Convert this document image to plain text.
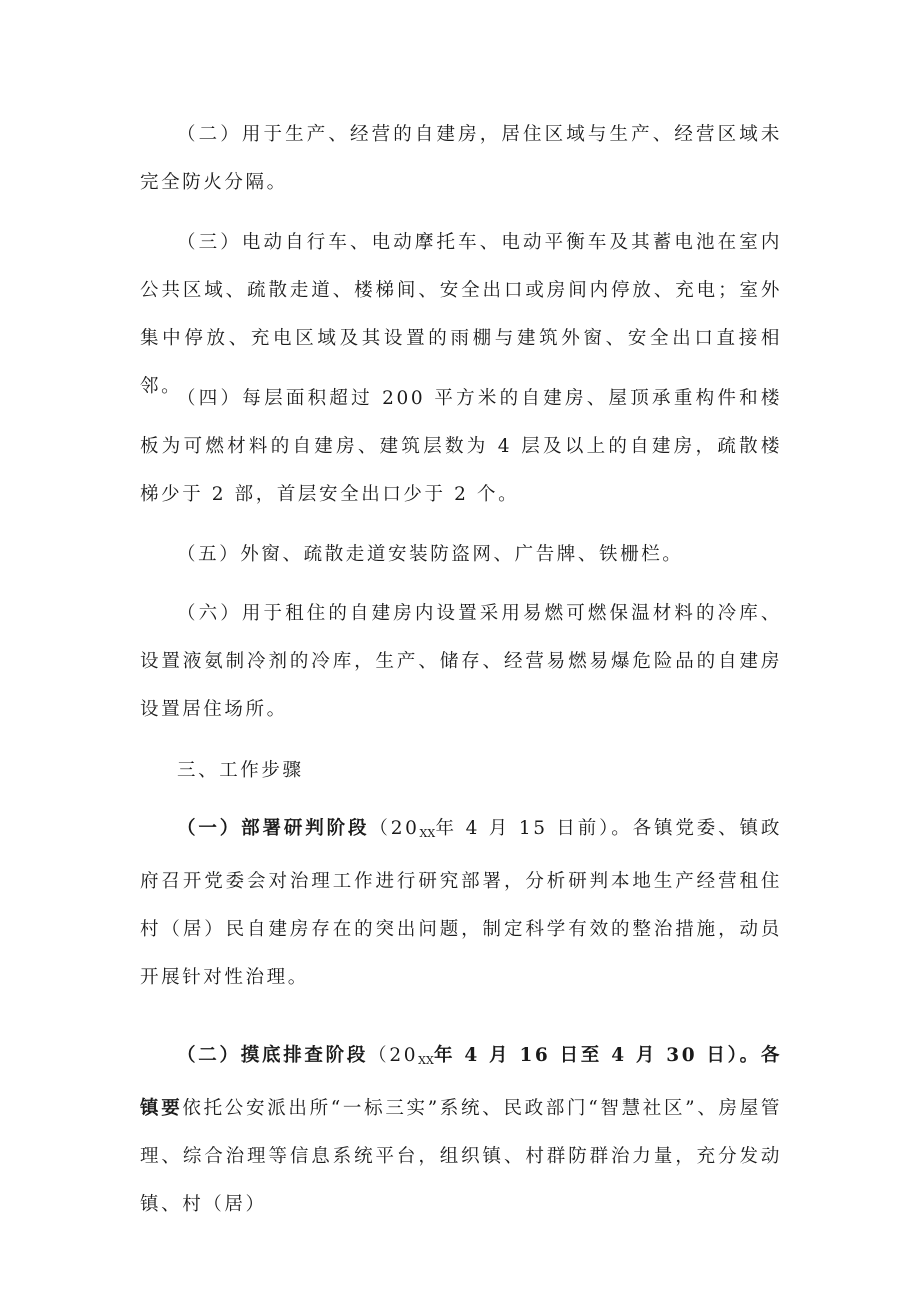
（二）用于生产、经营的自建房，居住区域与生产、经营区域未完全防火分隔。

（三）电动自行车、电动摩托车、电动平衡车及其蓄电池在室内公共区域、疏散走道、楼梯间、安全出口或房间内停放、充电；室外集中停放、充电区域及其设置的雨棚与建筑外窗、安全出口直接相邻。

（四）每层面积超过 200 平方米的自建房、屋顶承重构件和楼板为可燃材料的自建房、建筑层数为 4 层及以上的自建房，疏散楼梯少于 2 部，首层安全出口少于 2 个。

（五）外窗、疏散走道安装防盗网、广告牌、铁栅栏。

（六）用于租住的自建房内设置采用易燃可燃保温材料的冷库、设置液氨制冷剂的冷库，生产、储存、经营易燃易爆危险品的自建房设置居住场所。

三、工作步骤

（一）部署研判阶段（$20_{XX}$年 4 月 15 日前）。各镇党委、镇政府召开党委会对治理工作进行研究部署，分析研判本地生产经营租住村（居）民自建房存在的突出问题，制定科学有效的整治措施，动员开展针对性治理。

（二）摸底排查阶段（$20_{XX}$年 4 月 16 日至 4 月 30 日）。各镇要依托公安派出所“一标三实”系统、民政部门“智慧社区”、房屋管理、综合治理等信息系统平台，组织镇、村群防群治力量，充分发动镇、村（居）
